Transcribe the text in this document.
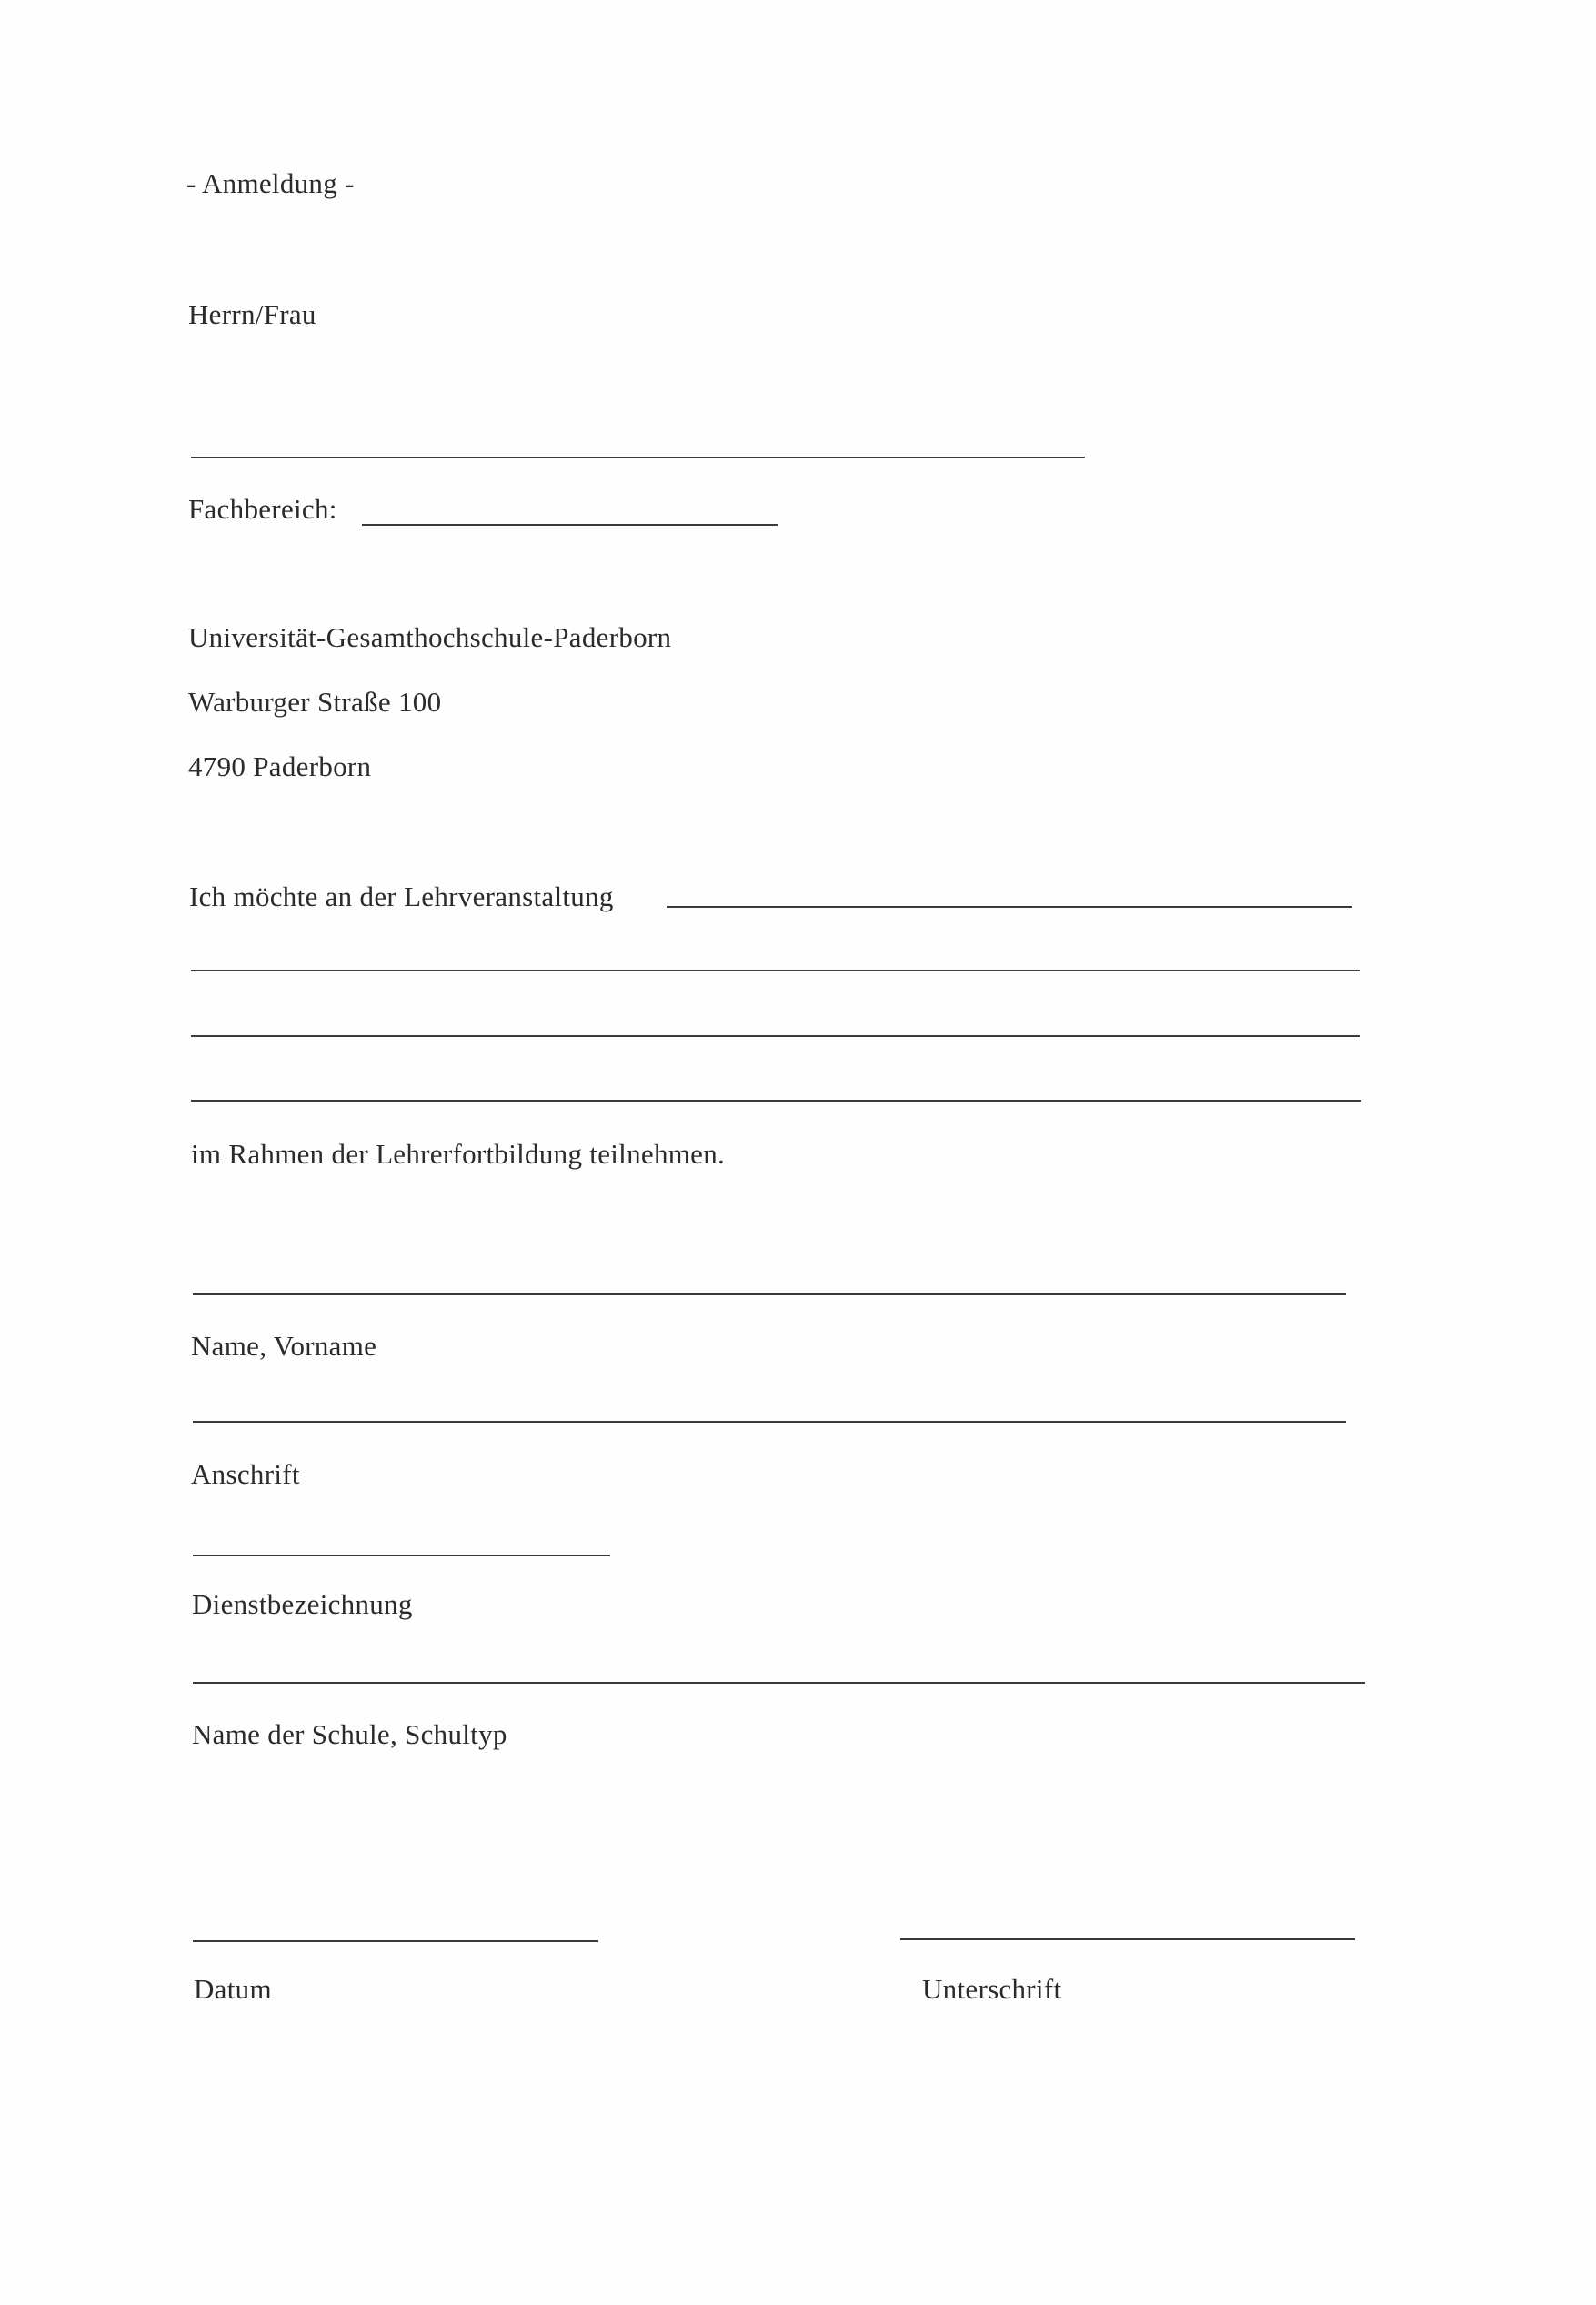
- Anmeldung -
Herrn/Frau
Fachbereich:
Universität-Gesamthochschule-Paderborn
Warburger Straße 100
4790 Paderborn
Ich möchte an der Lehrveranstaltung
im Rahmen der Lehrerfortbildung teilnehmen.
Name, Vorname
Anschrift
Dienstbezeichnung
Name der Schule, Schultyp
Datum	Unterschrift
